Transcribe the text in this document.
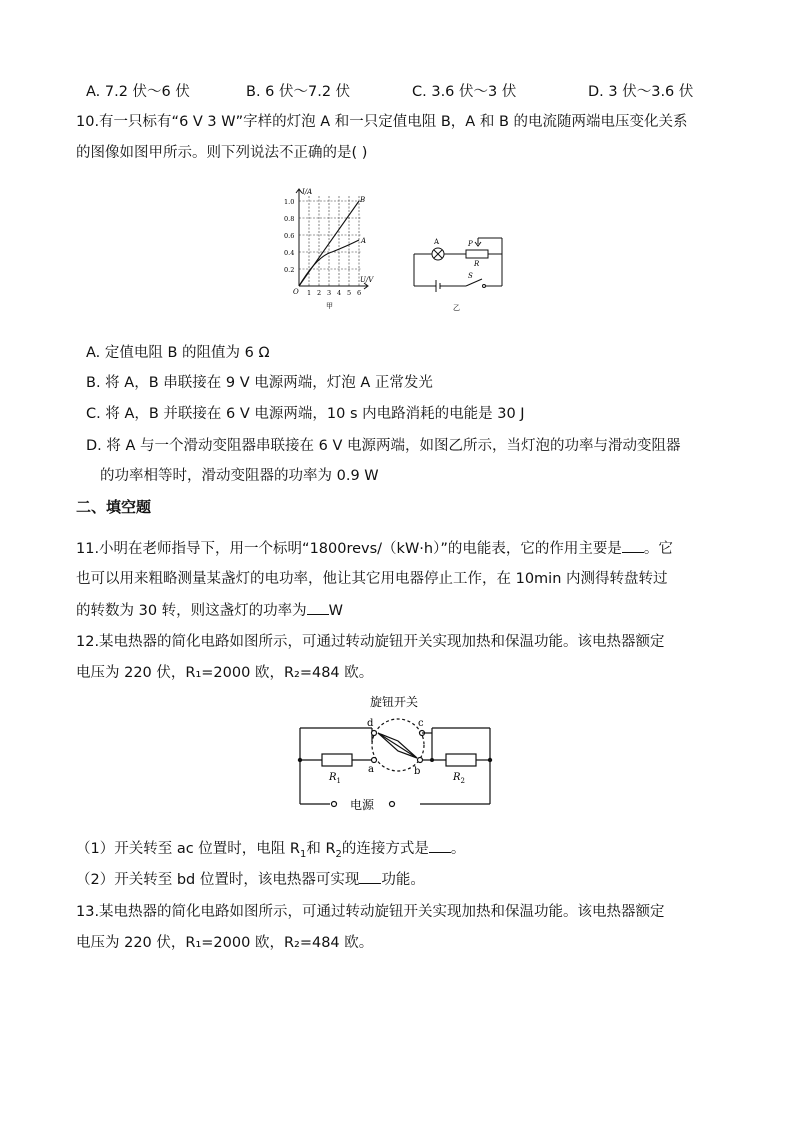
A. 7.2 伏～6 伏	B. 6 伏～7.2 伏	C. 3.6 伏～3 伏	D. 3 伏～3.6 伏
10.有一只标有“6 V 3 W”字样的灯泡 A 和一只定值电阻 B，A 和 B 的电流随两端电压变化关系
的图像如图甲所示。则下列说法不正确的是( )
I/A
U/V
1.0
0.8
0.6
0.4
0.2
O 1 2 3 4 5 6
B
A
甲
A	P
R
S
乙
A. 定值电阻 B 的阻值为 6 Ω
B. 将 A，B 串联接在 9 V 电源两端，灯泡 A 正常发光
C. 将 A，B 并联接在 6 V 电源两端，10 s 内电路消耗的电能是 30 J
D. 将 A 与一个滑动变阻器串联接在 6 V 电源两端，如图乙所示，当灯泡的功率与滑动变阻器
的功率相等时，滑动变阻器的功率为 0.9 W
二、填空题
11.小明在老师指导下，用一个标明“1800revs/（kW·h）”的电能表，它的作用主要是 。它
也可以用来粗略测量某盏灯的电功率，他让其它用电器停止工作，在 10min 内测得转盘转过
的转数为 30 转，则这盏灯的功率为 W
12.某电热器的简化电路如图所示，可通过转动旋钮开关实现加热和保温功能。该电热器额定
电压为 220 伏，R₁=2000 欧，R₂=484 欧。
旋钮开关
d	c
a	b
$R_1$	$R_2$
电源
（1）开关转至 ac 位置时，电阻 $R_1$和 $R_2$的连接方式是 。
（2）开关转至 bd 位置时，该电热器可实现 功能。
13.某电热器的简化电路如图所示，可通过转动旋钮开关实现加热和保温功能。该电热器额定
电压为 220 伏，R₁=2000 欧，R₂=484 欧。
